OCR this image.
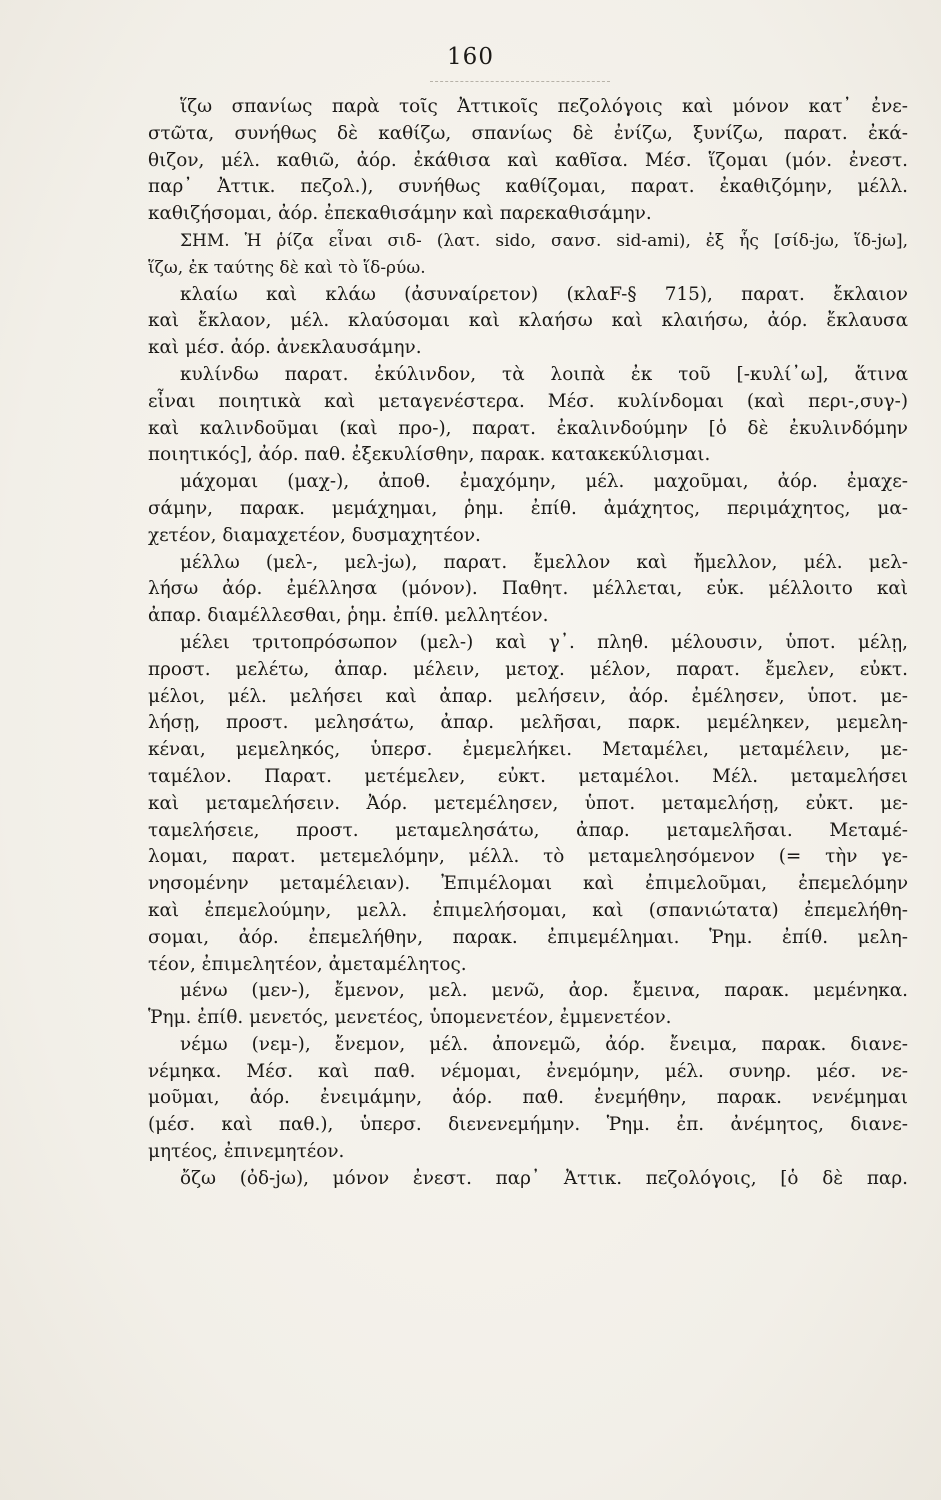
160
ἵζω σπανίως παρὰ τοῖς Ἀττικοῖς πεζολόγοις καὶ μόνον κατ᾽ ἐνε-
στῶτα, συνήθως δὲ καθίζω, σπανίως δὲ ἐνίζω, ξυνίζω, παρατ. ἐκά-
θιζον, μέλ. καθιῶ, ἀόρ. ἐκάθισα καὶ καθῖσα. Μέσ. ἵζομαι (μόν. ἐνεστ.
παρ᾽ Ἀττικ. πεζολ.), συνήθως καθίζομαι, παρατ. ἐκαθιζόμην, μέλλ.
καθιζήσομαι, ἀόρ. ἐπεκαθισάμην καὶ παρεκαθισάμην.
ΣΗΜ. Ἡ ῥίζα εἶναι σιδ- (λατ. sido, σανσ. sid-ami), ἐξ ἧς [σίδ-jω, ἵδ-jω],
ἵζω, ἐκ ταύτης δὲ καὶ τὸ ἵδ-ρύω.
κλαίω καὶ κλάω (ἀσυναίρετον) (κλαF-§ 715), παρατ. ἔκλαιον
καὶ ἔκλαον, μέλ. κλαύσομαι καὶ κλαήσω καὶ κλαιήσω, ἀόρ. ἔκλαυσα
καὶ μέσ. ἀόρ. ἀνεκλαυσάμην.
κυλίνδω παρατ. ἐκύλινδον, τὰ λοιπὰ ἐκ τοῦ [-κυλί᾽ω], ἅτινα
εἶναι ποιητικὰ καὶ μεταγενέστερα. Μέσ. κυλίνδομαι (καὶ περι-,συγ-)
καὶ καλινδοῦμαι (καὶ προ-), παρατ. ἐκαλινδούμην [ὁ δὲ ἐκυλινδόμην
ποιητικός], ἀόρ. παθ. ἐξεκυλίσθην, παρακ. κατακεκύλισμαι.
μάχομαι (μαχ-), ἀποθ. ἐμαχόμην, μέλ. μαχοῦμαι, ἀόρ. ἐμαχε-
σάμην, παρακ. μεμάχημαι, ῥημ. ἐπίθ. ἀμάχητος, περιμάχητος, μα-
χετέον, διαμαχετέον, δυσμαχητέον.
μέλλω (μελ-, μελ-jω), παρατ. ἔμελλον καὶ ἤμελλον, μέλ. μελ-
λήσω ἀόρ. ἐμέλλησα (μόνον). Παθητ. μέλλεται, εὐκ. μέλλοιτο καὶ
ἀπαρ. διαμέλλεσθαι, ῥημ. ἐπίθ. μελλητέον.
μέλει τριτοπρόσωπον (μελ-) καὶ γ᾽. πληθ. μέλουσιν, ὑποτ. μέλῃ,
προστ. μελέτω, ἀπαρ. μέλειν, μετοχ. μέλον, παρατ. ἔμελεν, εὐκτ.
μέλοι, μέλ. μελήσει καὶ ἀπαρ. μελήσειν, ἀόρ. ἐμέλησεν, ὑποτ. με-
λήσῃ, προστ. μελησάτω, ἀπαρ. μελῆσαι, παρκ. μεμέληκεν, μεμελη-
κέναι, μεμεληκός, ὑπερσ. ἐμεμελήκει. Μεταμέλει, μεταμέλειν, με-
ταμέλον. Παρατ. μετέμελεν, εὐκτ. μεταμέλοι. Μέλ. μεταμελήσει
καὶ μεταμελήσειν. Ἀόρ. μετεμέλησεν, ὑποτ. μεταμελήσῃ, εὐκτ. με-
ταμελήσειε, προστ. μεταμελησάτω, ἀπαρ. μεταμελῆσαι. Μεταμέ-
λομαι, παρατ. μετεμελόμην, μέλλ. τὸ μεταμελησόμενον (= τὴν γε-
νησομένην μεταμέλειαν). Ἐπιμέλομαι καὶ ἐπιμελοῦμαι, ἐπεμελόμην
καὶ ἐπεμελούμην, μελλ. ἐπιμελήσομαι, καὶ (σπανιώτατα) ἐπεμελήθη-
σομαι, ἀόρ. ἐπεμελήθην, παρακ. ἐπιμεμέλημαι. Ῥημ. ἐπίθ. μελη-
τέον, ἐπιμελητέον, ἀμεταμέλητος.
μένω (μεν-), ἔμενον, μελ. μενῶ, ἀορ. ἔμεινα, παρακ. μεμένηκα.
Ῥημ. ἐπίθ. μενετός, μενετέος, ὑπομενετέον, ἐμμενετέον.
νέμω (νεμ-), ἔνεμον, μέλ. ἀπονεμῶ, ἀόρ. ἔνειμα, παρακ. διανε-
νέμηκα. Μέσ. καὶ παθ. νέμομαι, ἐνεμόμην, μέλ. συνηρ. μέσ. νε-
μοῦμαι, ἀόρ. ἐνειμάμην, ἀόρ. παθ. ἐνεμήθην, παρακ. νενέμημαι
(μέσ. καὶ παθ.), ὑπερσ. διενενεμήμην. Ῥημ. ἐπ. ἀνέμητος, διανε-
μητέος, ἐπινεμητέον.
ὄζω (ὀδ-jω), μόνον ἐνεστ. παρ᾽ Ἀττικ. πεζολόγοις, [ὁ δὲ παρ.
